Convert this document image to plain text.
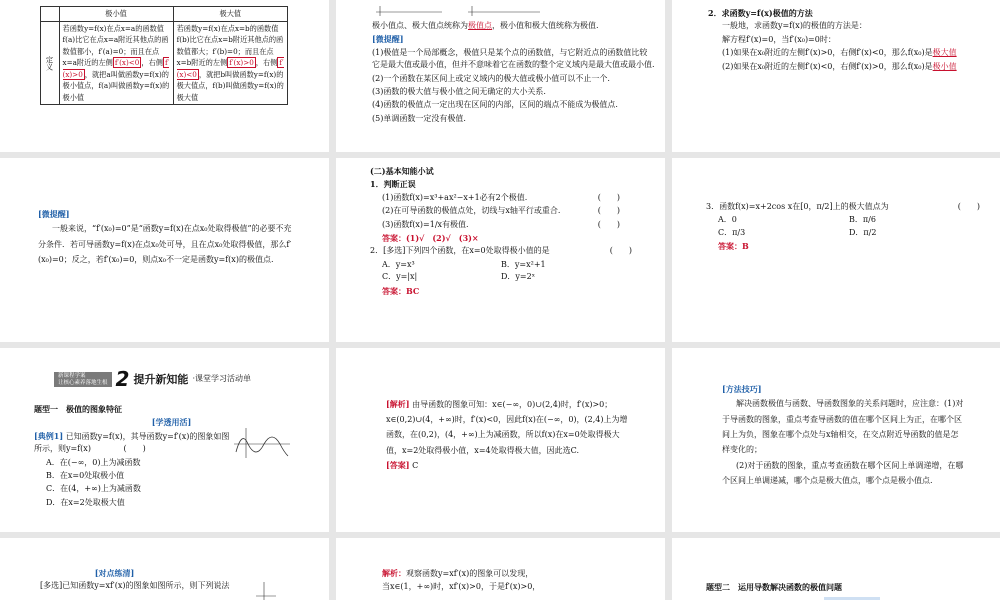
	极小值	极大值
定义	若函数y=f(x)在点x=a的函数值f(a)比它在点x=a附近其他点的函数值都小，f′(a)=0；而且在点x=a附近的左侧 f′(x)<0 ，右侧 f′(x)>0 ，就把a叫做函数y=f(x)的极小值点，f(a)叫做函数y=f(x)的极小值	若函数y=f(x)在点x=b的函数值f(b)比它在点x=b附近其他点的函数值都大；f′(b)=0；而且在点x=b附近的左侧 f′(x)>0 ，右侧 f′(x)<0 ，就把b叫做函数y=f(x)的极大值点，f(b)叫做函数y=f(x)的极大值
极小值点、极大值点统称为极值点，极小值和极大值统称为极值.
[微提醒]
(1)极值是一个局部概念，极值只是某个点的函数值，与它附近点的函数值比较它是最大值或最小值，但并不意味着它在函数的整个定义域内是最大值或最小值.
(2)一个函数在某区间上或定义域内的极大值或极小值可以不止一个.
(3)函数的极大值与极小值之间无确定的大小关系.
(4)函数的极值点一定出现在区间的内部，区间的端点不能成为极值点.
(5)单调函数一定没有极值.
2．求函数y=f(x)极值的方法
一般地，求函数y=f(x)的极值的方法是：
解方程f′(x)=0，当f′(x₀)=0时：
(1)如果在x₀附近的左侧f′(x)>0，右侧f′(x)<0，那么f(x₀)是极大值
(2)如果在x₀附近的左侧f′(x)<0，右侧f′(x)>0，那么f(x₀)是极小值
[微提醒]
一般来说，“f′(x₀)=0”是“函数y=f(x)在点x₀处取得极值”的必要不充分条件．若可导函数y=f(x)在点x₀处可导，且在点x₀处取得极值，那么f′(x₀)=0；反之，若f′(x₀)=0，则点x₀不一定是函数y=f(x)的极值点.
(二)基本知能小试
1．判断正误
(1)函数f(x)=x³+ax²−x+1必有2个极值.	(　　)
(2)在可导函数的极值点处，切线与x轴平行或重合.	(　　)
(3)函数f(x)=1/x有极值.	(　　)
答案：(1)√　(2)√　(3)×
2．[多选]下列四个函数，在x=0处取得极小值的是	(　　)
A．y=x³	B．y=x²+1
C．y=|x|	D．y=2ˣ
答案：BC
3．函数f(x)=x+2cos x在[0，π/2]上的极大值点为	(　　)
A．0	B．π/6
C．π/3	D．π/2
答案：B
新课程学案
让核心素养落地生根 2 提升新知能 ·课堂学习活动单
题型一　极值的图象特征
[学透用活]
[典例1] 已知函数y=f(x)，其导函数y=f′(x)的图象如图所示，则y=f(x)	(　　)
A．在(−∞，0)上为减函数
B．在x=0处取极小值
C．在(4，+∞)上为减函数
D．在x=2处取极大值
[解析] 由导函数的图象可知：x∈(−∞，0)∪(2,4)时，f′(x)>0；x∈(0,2)∪(4，+∞)时，f′(x)<0，因此f(x)在(−∞，0)，(2,4)上为增函数，在(0,2)，(4，+∞)上为减函数，所以f(x)在x=0处取得极大值，x=2处取得极小值，x=4处取得极大值，因此选C.
[答案] C
[方法技巧]
解决函数极值与函数、导函数图象的关系问题时，应注意：(1)对于导函数的图象，重点考查导函数的值在哪个区间上为正，在哪个区间上为负，图象在哪个点处与x轴相交，在交点附近导函数的值是怎样变化的；
(2)对于函数的图象，重点考查函数在哪个区间上单调递增，在哪个区间上单调递减，哪个点是极大值点，哪个点是极小值点.
[对点练清]
[多选]已知函数y=xf′(x)的图象如图所示，则下列说法
解析：观察函数y=xf′(x)的图象可以发现，
当x∈(1，+∞)时，xf′(x)>0，于是f′(x)>0，	题型二　运用导数解决函数的极值问题
